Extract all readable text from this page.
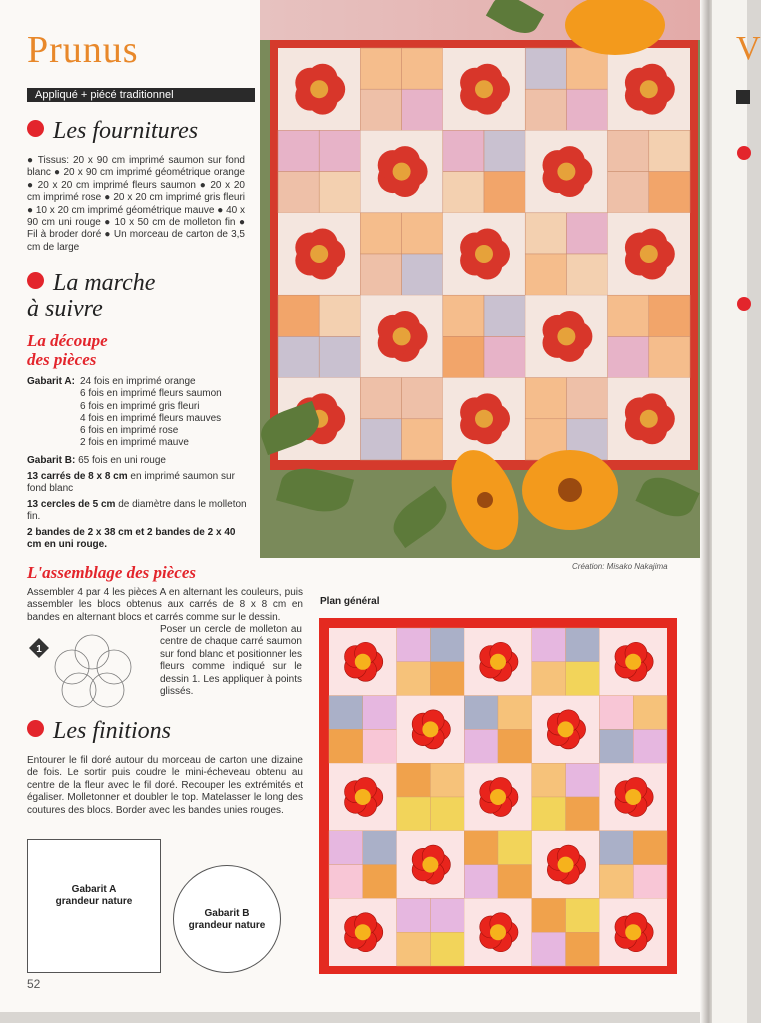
Prunus
Appliqué + piécé traditionnel
Les fournitures
● Tissus: 20 x 90 cm imprimé saumon sur fond blanc ● 20 x 90 cm imprimé géométrique orange ● 20 x 20 cm imprimé fleurs saumon ● 20 x 20 cm imprimé rose ● 20 x 20 cm imprimé gris fleuri ● 10 x 20 cm imprimé géométrique mauve ● 40 x 90 cm uni rouge ● 10 x 50 cm de molleton fin ● Fil à broder doré ● Un morceau de carton de 3,5 cm de large
La marche
à suivre
La découpe
des pièces
Gabarit A: 24 fois en imprimé orange
6 fois en imprimé fleurs saumon
6 fois en imprimé gris fleuri
4 fois en imprimé fleurs mauves
6 fois en imprimé rose
2 fois en imprimé mauve
Gabarit B: 65 fois en uni rouge
13 carrés de 8 x 8 cm en imprimé saumon sur fond blanc
13 cercles de 5 cm de diamètre dans le molleton fin.
2 bandes de 2 x 38 cm et 2 bandes de 2 x 40 cm en uni rouge.
L'assemblage des pièces
Assembler 4 par 4 les pièces A en alternant les couleurs, puis assembler les blocs obtenus aux carrés de 8 x 8 cm en bandes en alternant blocs et carrés comme sur le dessin.
1
Poser un cercle de molleton au centre de chaque carré saumon sur fond blanc et positionner les fleurs comme indiqué sur le dessin 1. Les appliquer à points glissés.
Les finitions
Entourer le fil doré autour du morceau de carton une dizaine de fois. Le sortir puis coudre le mini-écheveau obtenu au centre de la fleur avec le fil doré. Recouper les extrémités et égaliser. Molletonner et doubler le top. Matelasser le long des coutures des blocs. Border avec les bandes unies rouges.
Gabarit A
grandeur nature
Gabarit B
grandeur nature
52
Création: Misako Nakajima
Plan général
V
